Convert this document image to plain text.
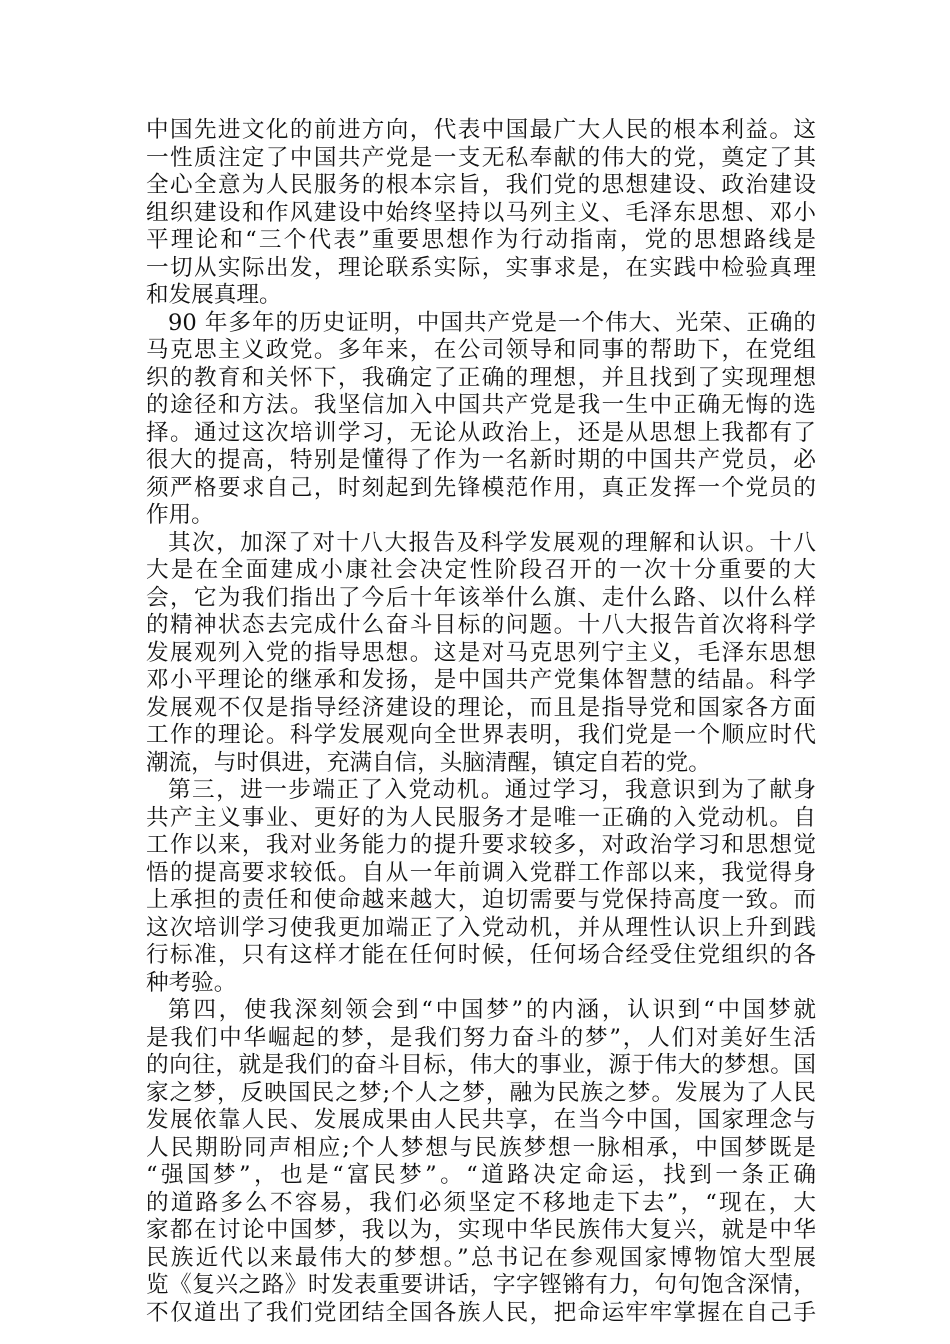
中国先进文化的前进方向，代表中国最广大人民的根本利益。这
一性质注定了中国共产党是一支无私奉献的伟大的党，奠定了其
全心全意为人民服务的根本宗旨，我们党的思想建设、政治建设
组织建设和作风建设中始终坚持以马列主义、毛泽东思想、邓小
平理论和“三个代表”重要思想作为行动指南，党的思想路线是
一切从实际出发，理论联系实际，实事求是，在实践中检验真理
和发展真理。
90 年多年的历史证明，中国共产党是一个伟大、光荣、正确的
马克思主义政党。多年来，在公司领导和同事的帮助下，在党组
织的教育和关怀下，我确定了正确的理想，并且找到了实现理想
的途径和方法。我坚信加入中国共产党是我一生中正确无悔的选
择。通过这次培训学习，无论从政治上，还是从思想上我都有了
很大的提高，特别是懂得了作为一名新时期的中国共产党员，必
须严格要求自己，时刻起到先锋模范作用，真正发挥一个党员的
作用。
其次，加深了对十八大报告及科学发展观的理解和认识。十八
大是在全面建成小康社会决定性阶段召开的一次十分重要的大
会，它为我们指出了今后十年该举什么旗、走什么路、以什么样
的精神状态去完成什么奋斗目标的问题。十八大报告首次将科学
发展观列入党的指导思想。这是对马克思列宁主义，毛泽东思想
邓小平理论的继承和发扬，是中国共产党集体智慧的结晶。科学
发展观不仅是指导经济建设的理论，而且是指导党和国家各方面
工作的理论。科学发展观向全世界表明，我们党是一个顺应时代
潮流，与时俱进，充满自信，头脑清醒，镇定自若的党。
第三，进一步端正了入党动机。通过学习，我意识到为了献身
共产主义事业、更好的为人民服务才是唯一正确的入党动机。自
工作以来，我对业务能力的提升要求较多，对政治学习和思想觉
悟的提高要求较低。自从一年前调入党群工作部以来，我觉得身
上承担的责任和使命越来越大，迫切需要与党保持高度一致。而
这次培训学习使我更加端正了入党动机，并从理性认识上升到践
行标准，只有这样才能在任何时候，任何场合经受住党组织的各
种考验。
第四，使我深刻领会到“中国梦”的内涵，认识到“中国梦就
是我们中华崛起的梦，是我们努力奋斗的梦”，人们对美好生活
的向往，就是我们的奋斗目标，伟大的事业，源于伟大的梦想。国
家之梦，反映国民之梦;个人之梦，融为民族之梦。发展为了人民
发展依靠人民、发展成果由人民共享，在当今中国，国家理念与
人民期盼同声相应;个人梦想与民族梦想一脉相承，中国梦既是
“强国梦”，也是“富民梦”。“道路决定命运，找到一条正确
的道路多么不容易，我们必须坚定不移地走下去”，“现在，大
家都在讨论中国梦，我以为，实现中华民族伟大复兴，就是中华
民族近代以来最伟大的梦想。”总书记在参观国家博物馆大型展
览《复兴之路》时发表重要讲话，字字铿锵有力，句句饱含深情，
不仅道出了我们党团结全国各族人民，把命运牢牢掌握在自己手
